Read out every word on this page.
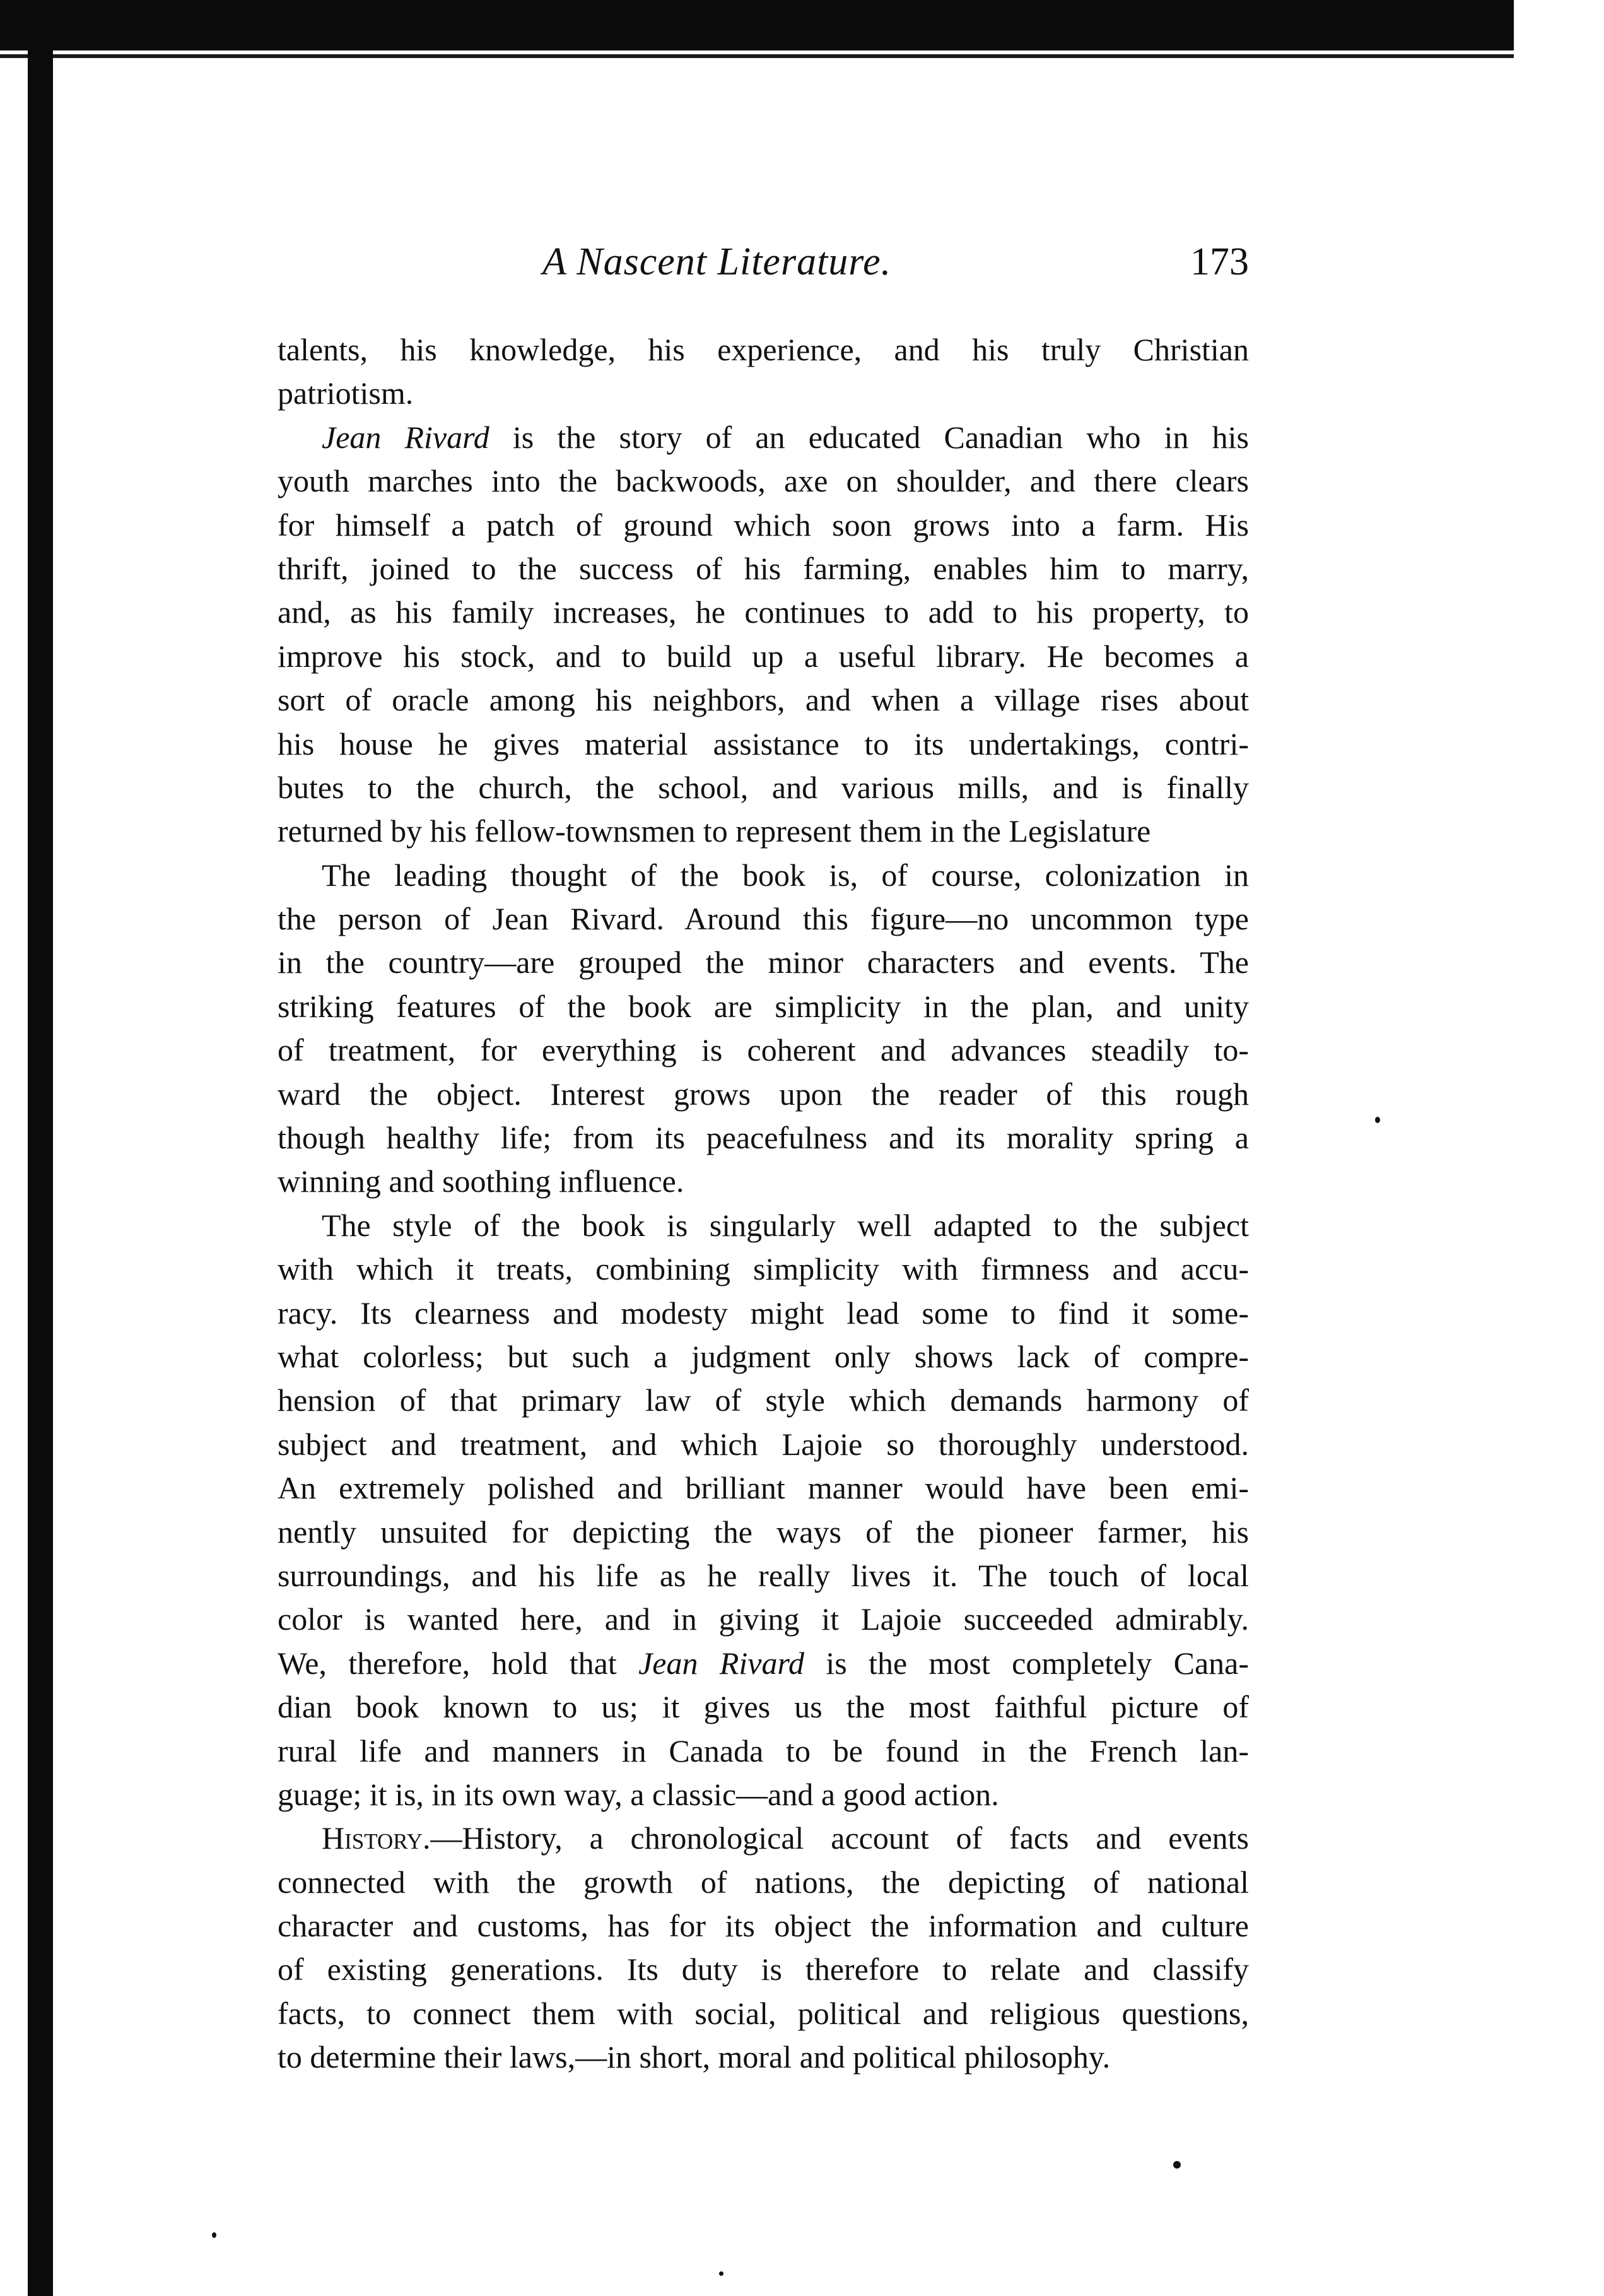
A Nascent Literature.	173
talents, his knowledge, his experience, and his truly Christian
patriotism.
Jean Rivard is the story of an educated Canadian who in his
youth marches into the backwoods, axe on shoulder, and there clears
for himself a patch of ground which soon grows into a farm. His
thrift, joined to the success of his farming, enables him to marry,
and, as his family increases, he continues to add to his property, to
improve his stock, and to build up a useful library. He becomes a
sort of oracle among his neighbors, and when a village rises about
his house he gives material assistance to its undertakings, contri-
butes to the church, the school, and various mills, and is finally
returned by his fellow-townsmen to represent them in the Legislature
The leading thought of the book is, of course, colonization in
the person of Jean Rivard. Around this figure—no uncommon type
in the country—are grouped the minor characters and events. The
striking features of the book are simplicity in the plan, and unity
of treatment, for everything is coherent and advances steadily to-
ward the object. Interest grows upon the reader of this rough
though healthy life; from its peacefulness and its morality spring a
winning and soothing influence.
The style of the book is singularly well adapted to the subject
with which it treats, combining simplicity with firmness and accu-
racy. Its clearness and modesty might lead some to find it some-
what colorless; but such a judgment only shows lack of compre-
hension of that primary law of style which demands harmony of
subject and treatment, and which Lajoie so thoroughly understood.
An extremely polished and brilliant manner would have been emi-
nently unsuited for depicting the ways of the pioneer farmer, his
surroundings, and his life as he really lives it. The touch of local
color is wanted here, and in giving it Lajoie succeeded admirably.
We, therefore, hold that Jean Rivard is the most completely Cana-
dian book known to us; it gives us the most faithful picture of
rural life and manners in Canada to be found in the French lan-
guage; it is, in its own way, a classic—and a good action.
History.—History, a chronological account of facts and events
connected with the growth of nations, the depicting of national
character and customs, has for its object the information and culture
of existing generations. Its duty is therefore to relate and classify
facts, to connect them with social, political and religious questions,
to determine their laws,—in short, moral and political philosophy.
